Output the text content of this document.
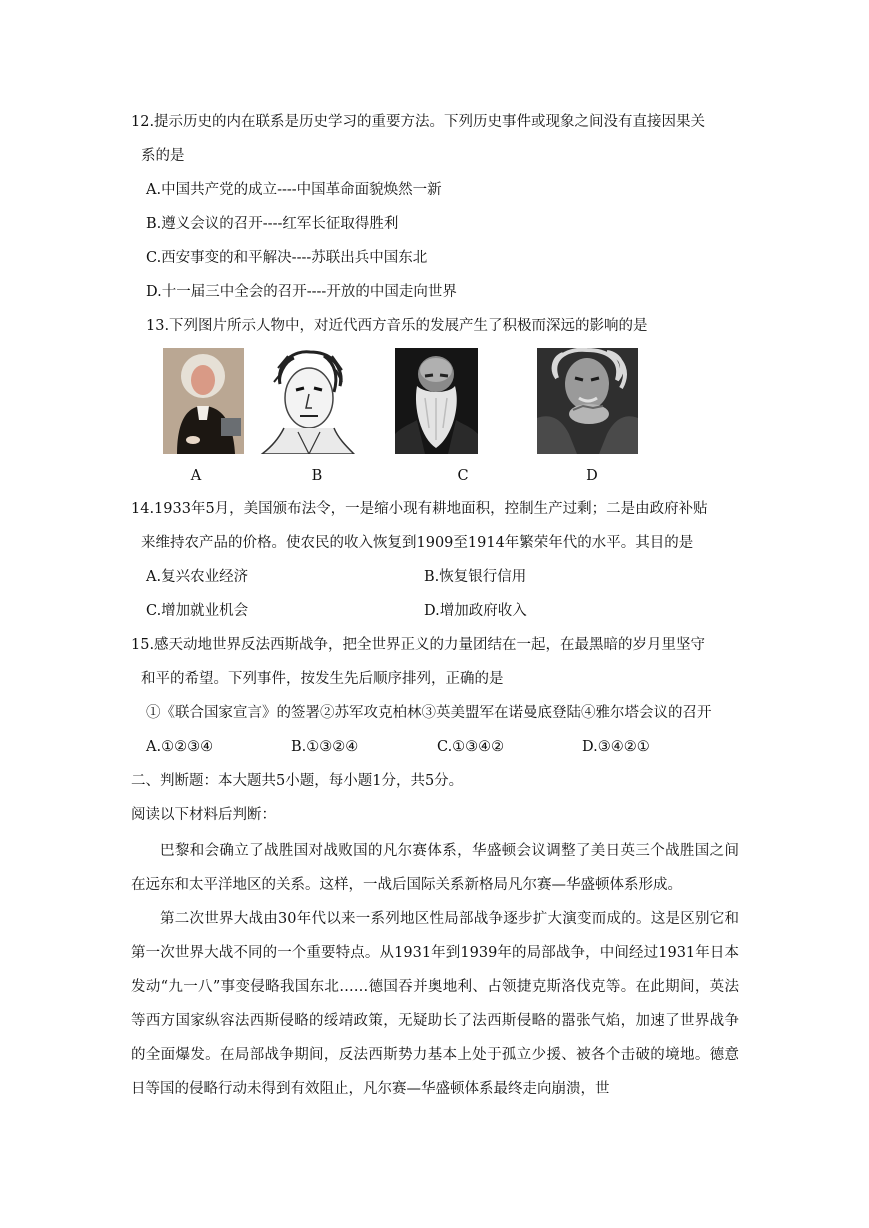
12.提示历史的内在联系是历史学习的重要方法。下列历史事件或现象之间没有直接因果关
系的是
A.中国共产党的成立----中国革命面貌焕然一新
B.遵义会议的召开----红军长征取得胜利
C.西安事变的和平解决----苏联出兵中国东北
D.十一届三中全会的召开----开放的中国走向世界
13.下列图片所示人物中，对近代西方音乐的发展产生了积极而深远的影响的是
A	B	C	D
14.1933年5月，美国颁布法令，一是缩小现有耕地面积，控制生产过剩；二是由政府补贴
来维持农产品的价格。使农民的收入恢复到1909至1914年繁荣年代的水平。其目的是
A.复兴农业经济	B.恢复银行信用
C.增加就业机会	D.增加政府收入
15.感天动地世界反法西斯战争，把全世界正义的力量团结在一起，在最黑暗的岁月里坚守
和平的希望。下列事件，按发生先后顺序排列，正确的是
①《联合国家宣言》的签署②苏军攻克柏林③英美盟军在诺曼底登陆④雅尔塔会议的召开
A.①②③④	B.①③②④	C.①③④②	D.③④②①
二、判断题：本大题共5小题，每小题1分，共5分。
阅读以下材料后判断：
巴黎和会确立了战胜国对战败国的凡尔赛体系，华盛顿会议调整了美日英三个战胜国之间在远东和太平洋地区的关系。这样，一战后国际关系新格局凡尔赛—华盛顿体系形成。
第二次世界大战由30年代以来一系列地区性局部战争逐步扩大演变而成的。这是区别它和第一次世界大战不同的一个重要特点。从1931年到1939年的局部战争，中间经过1931年日本发动“九一八”事变侵略我国东北……德国吞并奥地利、占领捷克斯洛伐克等。在此期间，英法等西方国家纵容法西斯侵略的绥靖政策，无疑助长了法西斯侵略的嚣张气焰，加速了世界战争的全面爆发。在局部战争期间，反法西斯势力基本上处于孤立少援、被各个击破的境地。德意日等国的侵略行动未得到有效阻止，凡尔赛—华盛顿体系最终走向崩溃，世
